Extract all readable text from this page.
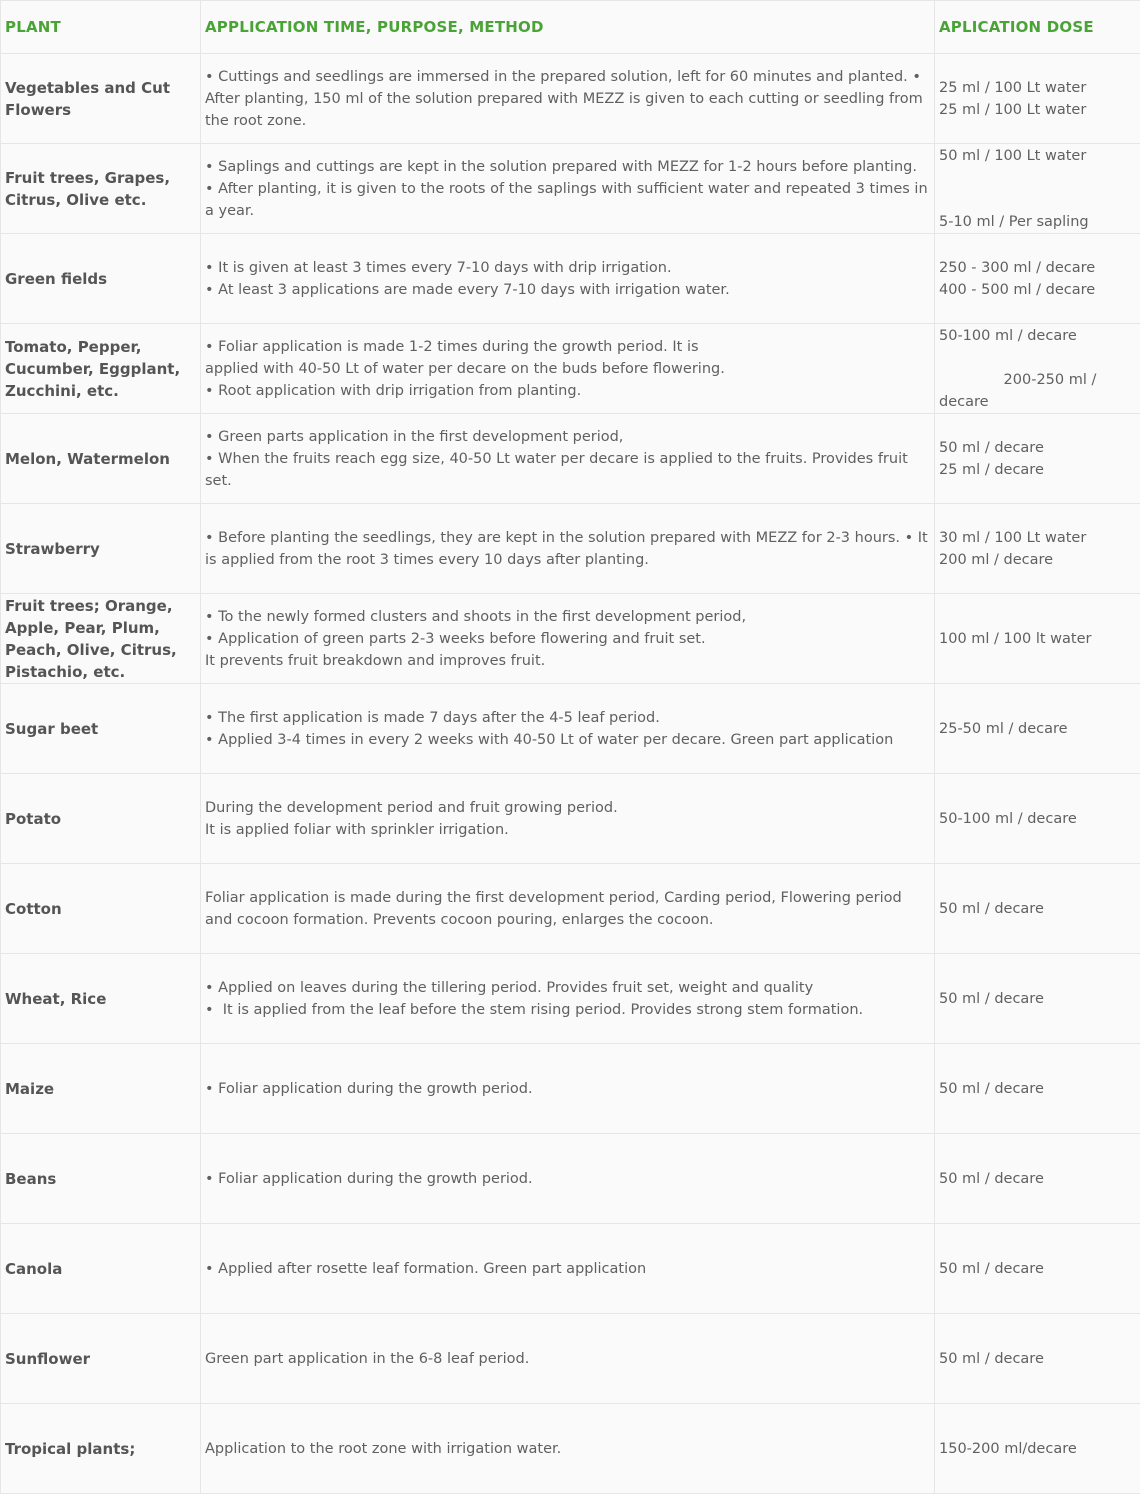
PLANT	APPLICATION TIME, PURPOSE, METHOD	APLICATION DOSE
Vegetables and Cut Flowers	• Cuttings and seedlings are immersed in the prepared solution, left for 60 minutes and planted. • After planting, 150 ml of the solution prepared with MEZZ is given to each cutting or seedling from the root zone.	25 ml / 100 Lt water
25 ml / 100 Lt water

Fruit trees, Grapes, Citrus, Olive etc.	• Saplings and cuttings are kept in the solution prepared with MEZZ for 1-2 hours before planting.
• After planting, it is given to the roots of the saplings with sufficient water and repeated 3 times in a year.	50 ml / 100 Lt water

5-10 ml / Per sapling

Green fields	• It is given at least 3 times every 7-10 days with drip irrigation.
• At least 3 applications are made every 7-10 days with irrigation water.	250 - 300 ml / decare
400 - 500 ml / decare

Tomato, Pepper, Cucumber, Eggplant, Zucchini, etc.	• Foliar application is made 1-2 times during the growth period. It is
applied with 40-50 Lt of water per decare on the buds before flowering.
• Root application with drip irrigation from planting.	50-100 ml / decare

200-250 ml / decare

Melon, Watermelon	• Green parts application in the first development period,
• When the fruits reach egg size, 40-50 Lt water per decare is applied to the fruits. Provides fruit set.	50 ml / decare
25 ml / decare

Strawberry	• Before planting the seedlings, they are kept in the solution prepared with MEZZ for 2-3 hours. • It is applied from the root 3 times every 10 days after planting.	30 ml / 100 Lt water
200 ml / decare

Fruit trees; Orange, Apple, Pear, Plum, Peach, Olive, Citrus, Pistachio, etc.	• To the newly formed clusters and shoots in the first development period,
• Application of green parts 2-3 weeks before flowering and fruit set.
It prevents fruit breakdown and improves fruit.	100 ml / 100 lt water

Sugar beet	• The first application is made 7 days after the 4-5 leaf period.
• Applied 3-4 times in every 2 weeks with 40-50 Lt of water per decare. Green part application	25-50 ml / decare

Potato	During the development period and fruit growing period.
It is applied foliar with sprinkler irrigation.	50-100 ml / decare

Cotton	Foliar application is made during the first development period, Carding period, Flowering period and cocoon formation. Prevents cocoon pouring, enlarges the cocoon.	50 ml / decare

Wheat, Rice	• Applied on leaves during the tillering period. Provides fruit set, weight and quality
•  It is applied from the leaf before the stem rising period. Provides strong stem formation.	50 ml / decare

Maize	• Foliar application during the growth period.	50 ml / decare

Beans	• Foliar application during the growth period.	50 ml / decare

Canola	• Applied after rosette leaf formation. Green part application	50 ml / decare

Sunflower	Green part application in the 6-8 leaf period.	50 ml / decare

Tropical plants;	Application to the root zone with irrigation water.	150-200 ml/decare
